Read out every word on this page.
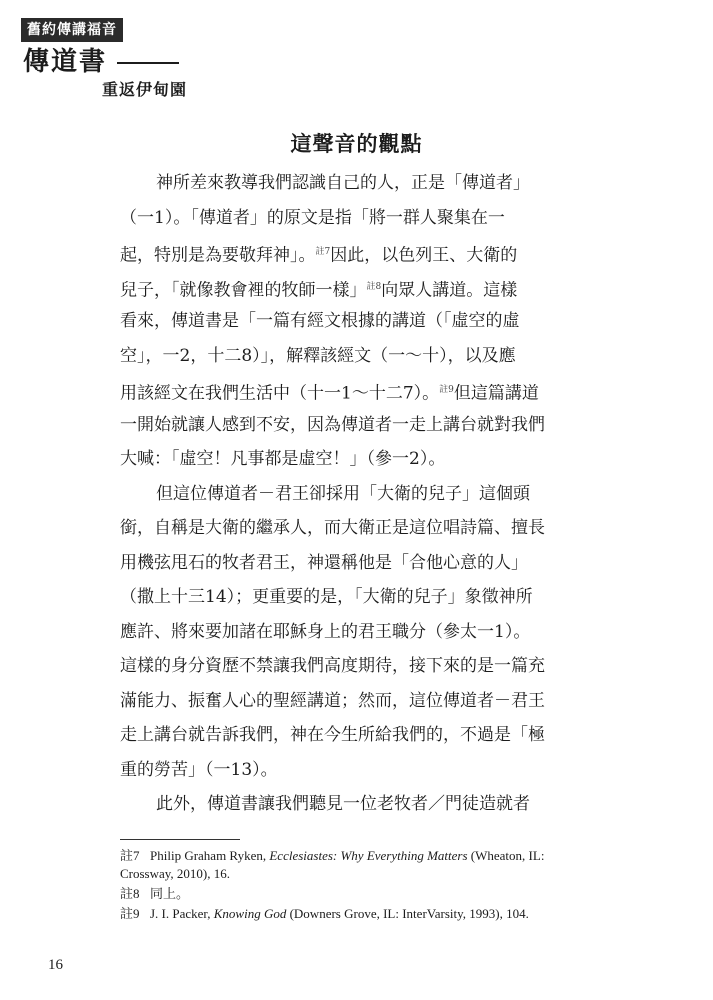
舊約傳講福音
傳道書
重返伊甸園
這聲音的觀點
神所差來教導我們認識自己的人，正是「傳道者」
（一1）。「傳道者」的原文是指「將一群人聚集在一
起，特別是為要敬拜神」。$^{註7}$因此，以色列王、大衛的
兒子，「就像教會裡的牧師一樣」$^{註8}$向眾人講道。這樣
看來，傳道書是「一篇有經文根據的講道（「虛空的虛
空」，一2，十二8）」，解釋該經文（一～十），以及應
用該經文在我們生活中（十一1～十二7）。$^{註9}$但這篇講道
一開始就讓人感到不安，因為傳道者一走上講台就對我們
大喊：「虛空！凡事都是虛空！」（參一2）。
但這位傳道者－君王卻採用「大衛的兒子」這個頭
銜，自稱是大衛的繼承人，而大衛正是這位唱詩篇、擅長
用機弦甩石的牧者君王，神還稱他是「合他心意的人」
（撒上十三14）；更重要的是，「大衛的兒子」象徵神所
應許、將來要加諸在耶穌身上的君王職分（參太一1）。
這樣的身分資歷不禁讓我們高度期待，接下來的是一篇充
滿能力、振奮人心的聖經講道；然而，這位傳道者－君王
走上講台就告訴我們，神在今生所給我們的，不過是「極
重的勞苦」（一13）。
此外，傳道書讓我們聽見一位老牧者／門徒造就者
註7 Philip Graham Ryken, Ecclesiastes: Why Everything Matters (Wheaton, IL:
Crossway, 2010), 16.
註8 同上。
註9 J. I. Packer, Knowing God (Downers Grove, IL: InterVarsity, 1993), 104.
16
